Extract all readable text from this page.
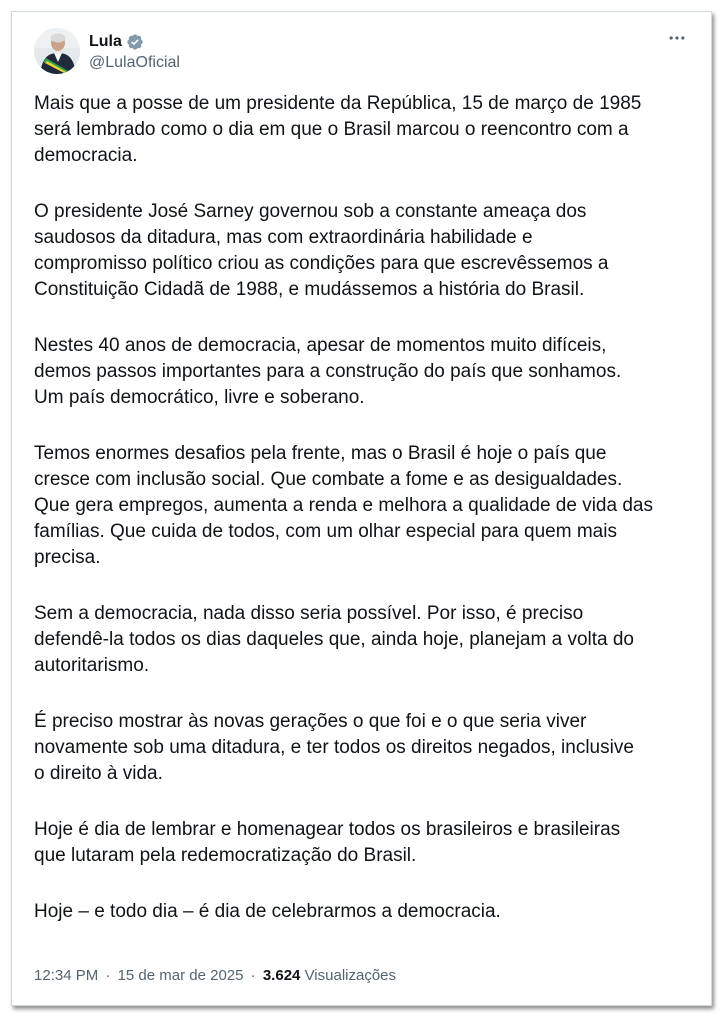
Lula
@LulaOficial

Mais que a posse de um presidente da República, 15 de março de 1985
será lembrado como o dia em que o Brasil marcou o reencontro com a
democracia.

O presidente José Sarney governou sob a constante ameaça dos
saudosos da ditadura, mas com extraordinária habilidade e
compromisso político criou as condições para que escrevêssemos a
Constituição Cidadã de 1988, e mudássemos a história do Brasil.

Nestes 40 anos de democracia, apesar de momentos muito difíceis,
demos passos importantes para a construção do país que sonhamos.
Um país democrático, livre e soberano.

Temos enormes desafios pela frente, mas o Brasil é hoje o país que
cresce com inclusão social. Que combate a fome e as desigualdades.
Que gera empregos, aumenta a renda e melhora a qualidade de vida das
famílias. Que cuida de todos, com um olhar especial para quem mais
precisa.

Sem a democracia, nada disso seria possível. Por isso, é preciso
defendê-la todos os dias daqueles que, ainda hoje, planejam a volta do
autoritarismo.

É preciso mostrar às novas gerações o que foi e o que seria viver
novamente sob uma ditadura, e ter todos os direitos negados, inclusive
o direito à vida.

Hoje é dia de lembrar e homenagear todos os brasileiros e brasileiras
que lutaram pela redemocratização do Brasil.

Hoje – e todo dia – é dia de celebrarmos a democracia.

12:34 PM · 15 de mar de 2025 · 3.624 Visualizações
